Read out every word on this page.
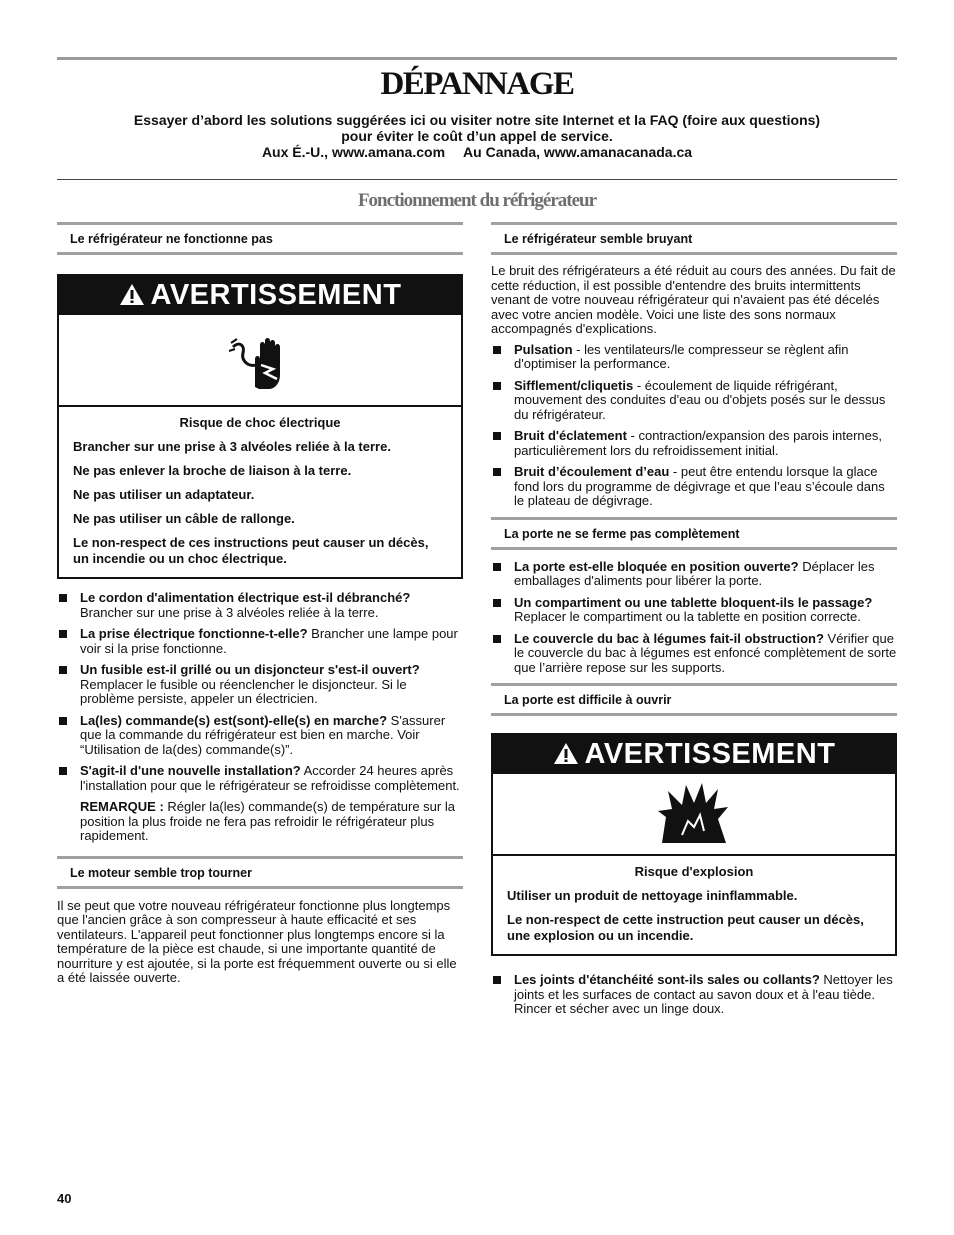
DÉPANNAGE
Essayer d’abord les solutions suggérées ici ou visiter notre site Internet et la FAQ (foire aux questions)
pour éviter le coût d’un appel de service.
Aux É.-U., www.amana.com Au Canada, www.amanacanada.ca
Fonctionnement du réfrigérateur
Le réfrigérateur ne fonctionne pas
AVERTISSEMENT
Risque de choc électrique

Brancher sur une prise à 3 alvéoles reliée à la terre.

Ne pas enlever la broche de liaison à la terre.

Ne pas utiliser un adaptateur.

Ne pas utiliser un câble de rallonge.

Le non-respect de ces instructions peut causer un décès, un incendie ou un choc électrique.

Le cordon d'alimentation électrique est-il débranché? Brancher sur une prise à 3 alvéoles reliée à la terre.
La prise électrique fonctionne-t-elle? Brancher une lampe pour voir si la prise fonctionne.
Un fusible est-il grillé ou un disjoncteur s'est-il ouvert? Remplacer le fusible ou réenclencher le disjoncteur. Si le problème persiste, appeler un électricien.
La(les) commande(s) est(sont)-elle(s) en marche? S'assurer que la commande du réfrigérateur est bien en marche. Voir “Utilisation de la(des) commande(s)”.
S'agit-il d'une nouvelle installation? Accorder 24 heures après l'installation pour que le réfrigérateur se refroidisse complètement.
REMARQUE : Régler la(les) commande(s) de température sur la position la plus froide ne fera pas refroidir le réfrigérateur plus rapidement.
Le moteur semble trop tourner
Il se peut que votre nouveau réfrigérateur fonctionne plus longtemps que l'ancien grâce à son compresseur à haute efficacité et ses ventilateurs. L'appareil peut fonctionner plus longtemps encore si la température de la pièce est chaude, si une importante quantité de nourriture y est ajoutée, si la porte est fréquemment ouverte ou si elle a été laissée ouverte.
Le réfrigérateur semble bruyant
Le bruit des réfrigérateurs a été réduit au cours des années. Du fait de cette réduction, il est possible d'entendre des bruits intermittents venant de votre nouveau réfrigérateur qui n'avaient pas été décelés avec votre ancien modèle. Voici une liste des sons normaux accompagnés d'explications.
Pulsation - les ventilateurs/le compresseur se règlent afin d'optimiser la performance.
Sifflement/cliquetis - écoulement de liquide réfrigérant, mouvement des conduites d'eau ou d'objets posés sur le dessus du réfrigérateur.
Bruit d'éclatement - contraction/expansion des parois internes, particulièrement lors du refroidissement initial.
Bruit d’écoulement d’eau - peut être entendu lorsque la glace fond lors du programme de dégivrage et que l’eau s’écoule dans le plateau de dégivrage.
La porte ne se ferme pas complètement
La porte est-elle bloquée en position ouverte? Déplacer les emballages d'aliments pour libérer la porte.
Un compartiment ou une tablette bloquent-ils le passage? Replacer le compartiment ou la tablette en position correcte.
Le couvercle du bac à légumes fait-il obstruction? Vérifier que le couvercle du bac à légumes est enfoncé complètement de sorte que l’arrière repose sur les supports.
La porte est difficile à ouvrir
AVERTISSEMENT
Risque d'explosion

Utiliser un produit de nettoyage ininflammable.

Le non-respect de cette instruction peut causer un décès, une explosion ou un incendie.

Les joints d'étanchéité sont-ils sales ou collants? Nettoyer les joints et les surfaces de contact au savon doux et à l'eau tiède. Rincer et sécher avec un linge doux.
40
